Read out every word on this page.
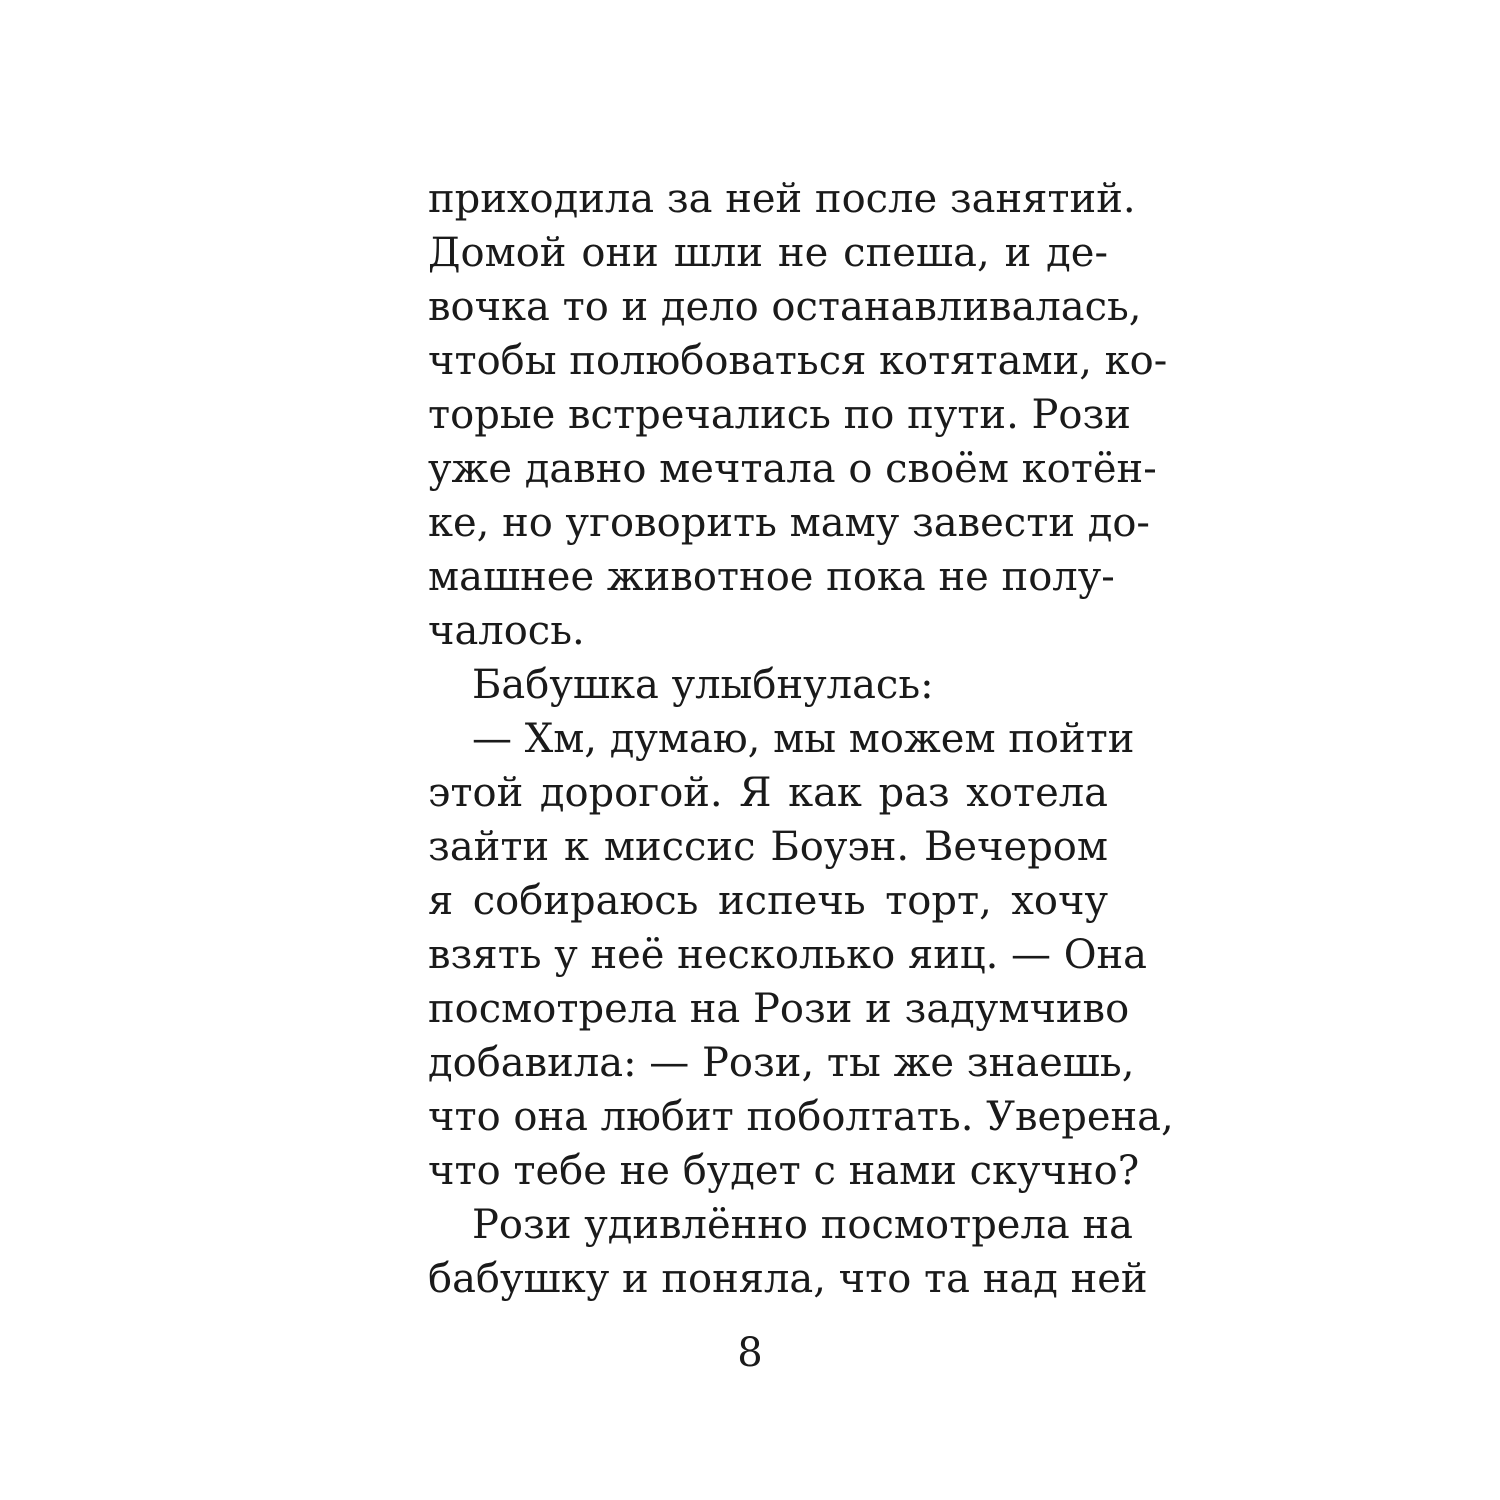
приходила за ней после занятий.
Домой они шли не спеша, и де-
вочка то и дело останавливалась,
чтобы полюбоваться котятами, ко-
торые встречались по пути. Рози
уже давно мечтала о своём котён-
ке, но уговорить маму завести до-
машнее животное пока не полу-
чалось.
Бабушка улыбнулась:
— Хм, думаю, мы можем пойти
этой дорогой. Я как раз хотела
зайти к миссис Боуэн. Вечером
я собираюсь испечь торт, хочу
взять у неё несколько яиц. — Она
посмотрела на Рози и задумчиво
добавила: — Рози, ты же знаешь,
что она любит поболтать. Уверена,
что тебе не будет с нами скучно?
Рози удивлённо посмотрела на
бабушку и поняла, что та над ней
8
